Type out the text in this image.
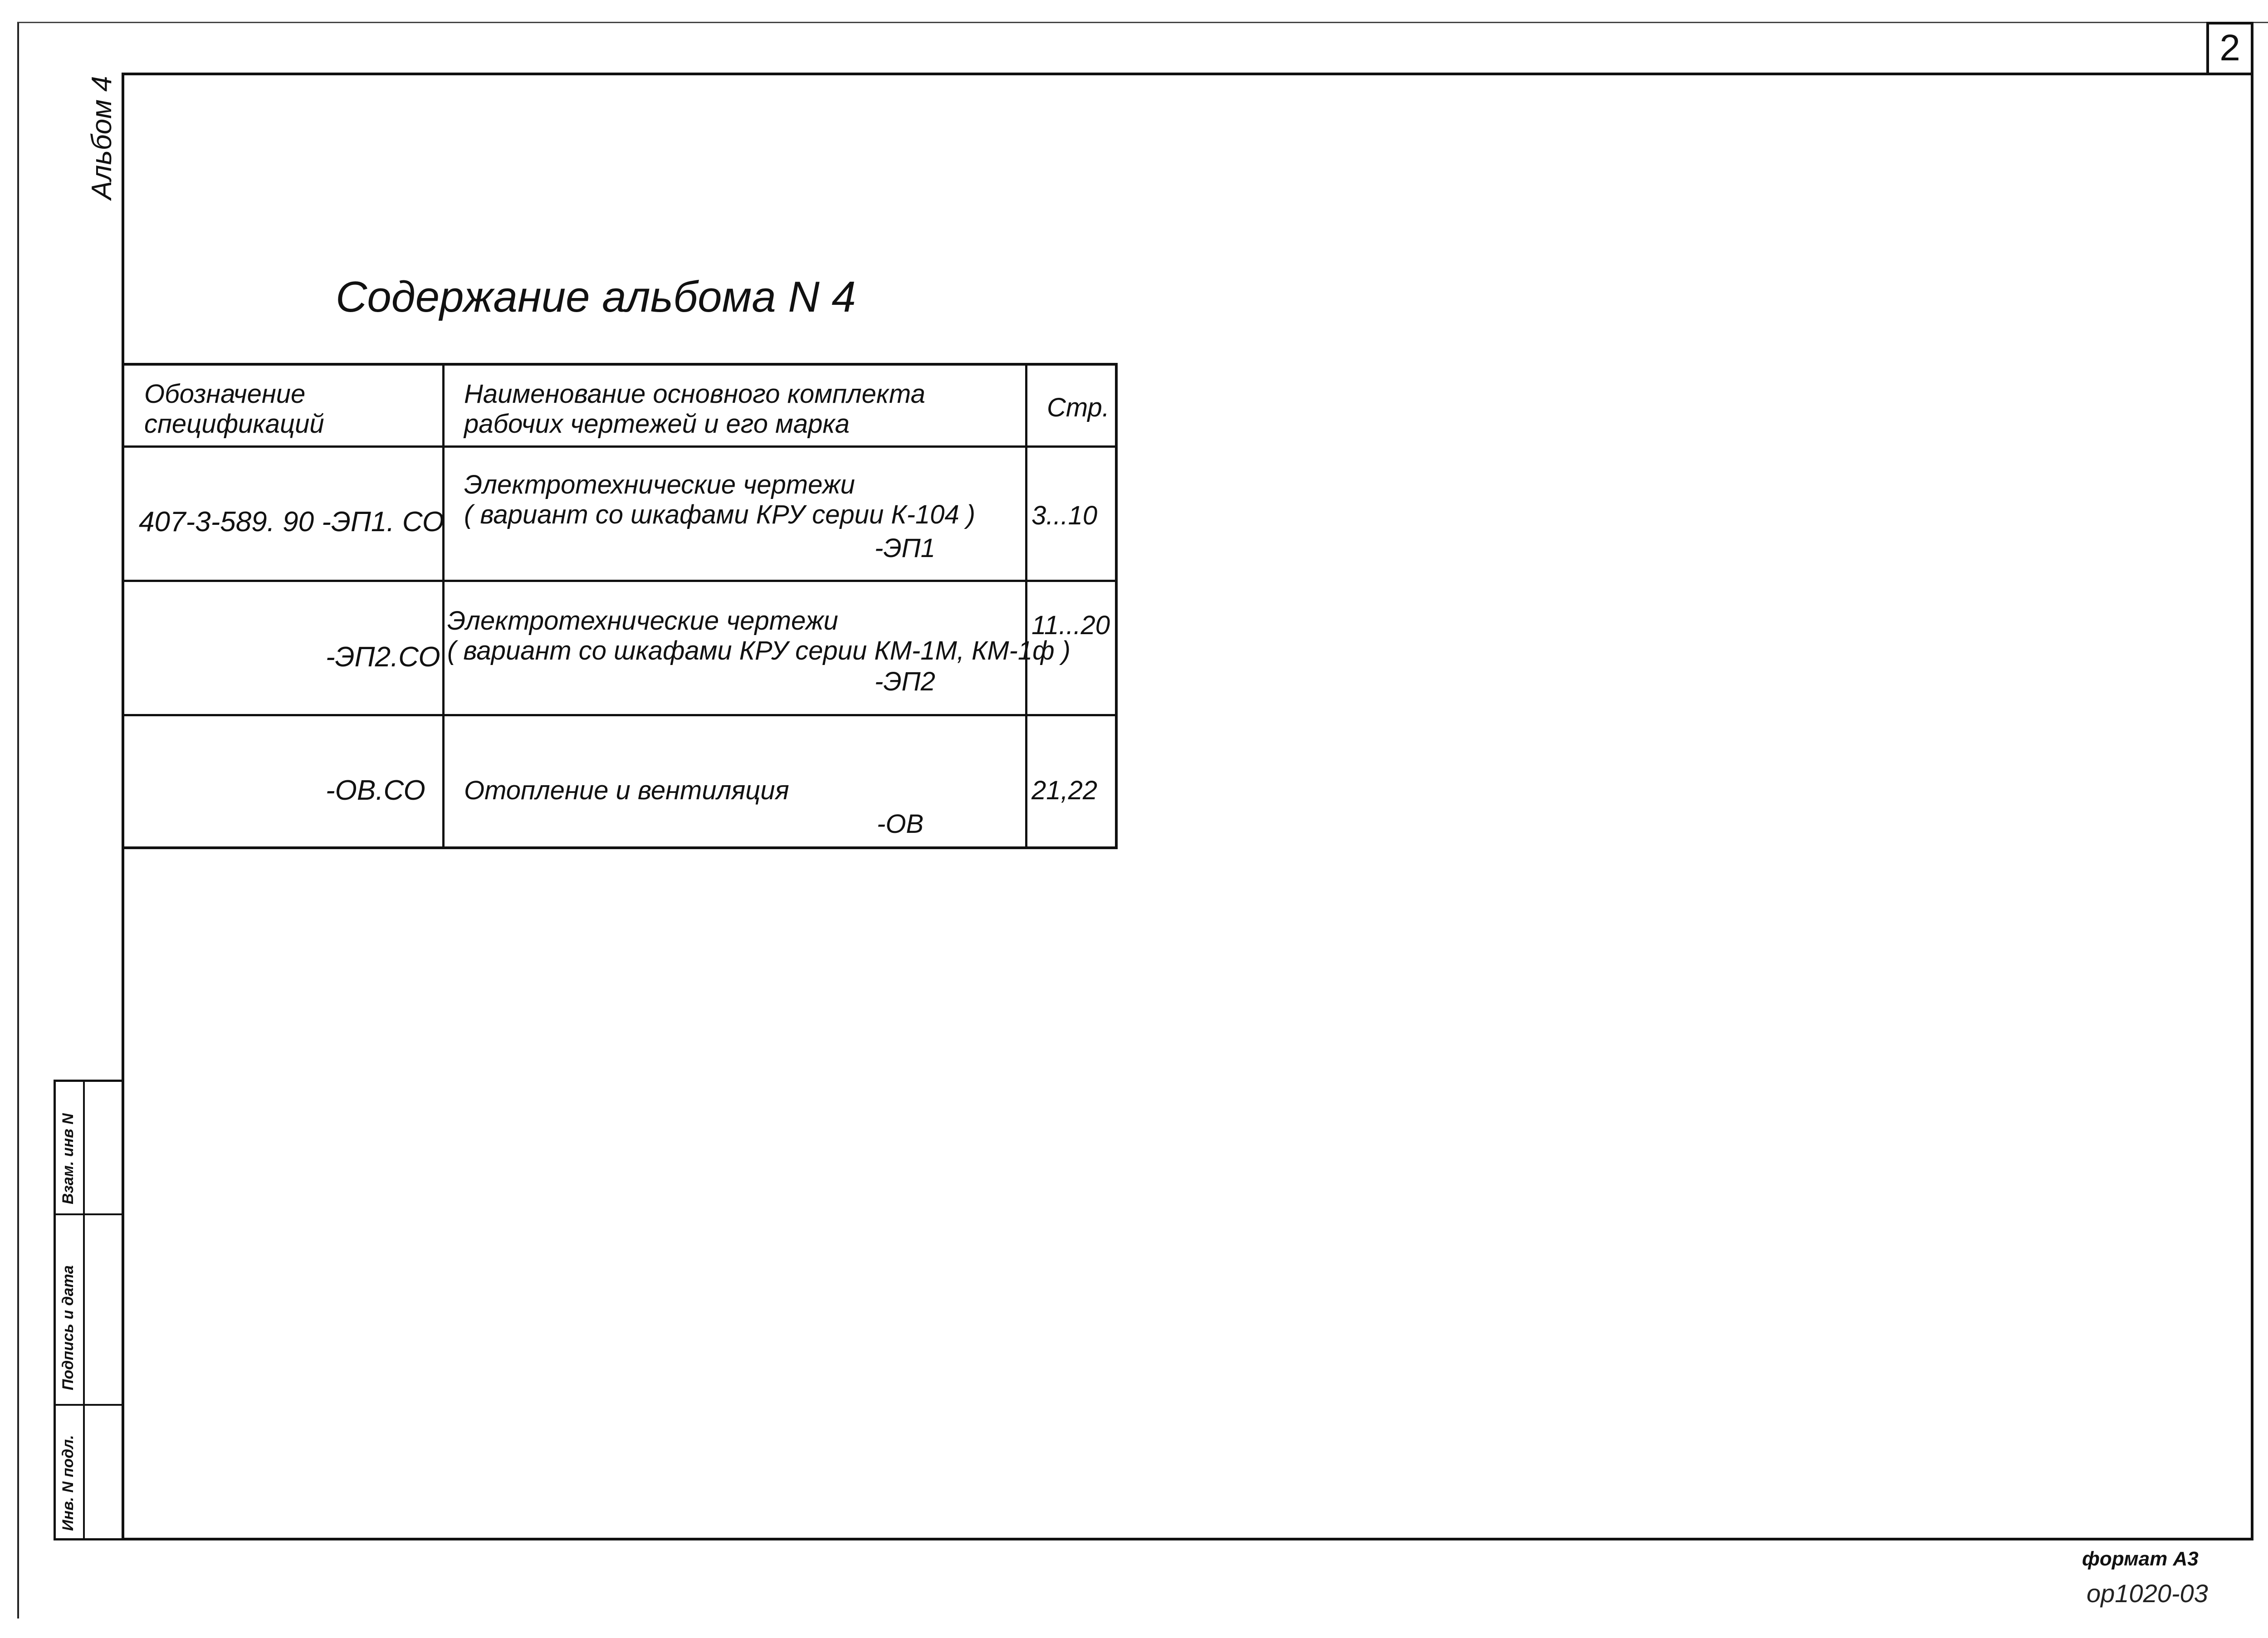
2
Альбом 4
Содержание альбома N 4
Обозначение
спецификаций
Наименование основного комплекта
рабочих чертежей и его марка
Стр.
407-3-589. 90 -ЭП1. СО
Электротехнические чертежи
( вариант со шкафами КРУ серии К-104 )
-ЭП1
3...10
-ЭП2.СО
Электротехнические чертежи
( вариант со шкафами КРУ серии КМ-1М, КМ-1ф )
-ЭП2
11...20
-ОВ.СО Отопление и вентиляция
-ОВ
21,22
Взам. инв N
Подпись и дата
Инв. N подл.
формат А3
ор1020-03
